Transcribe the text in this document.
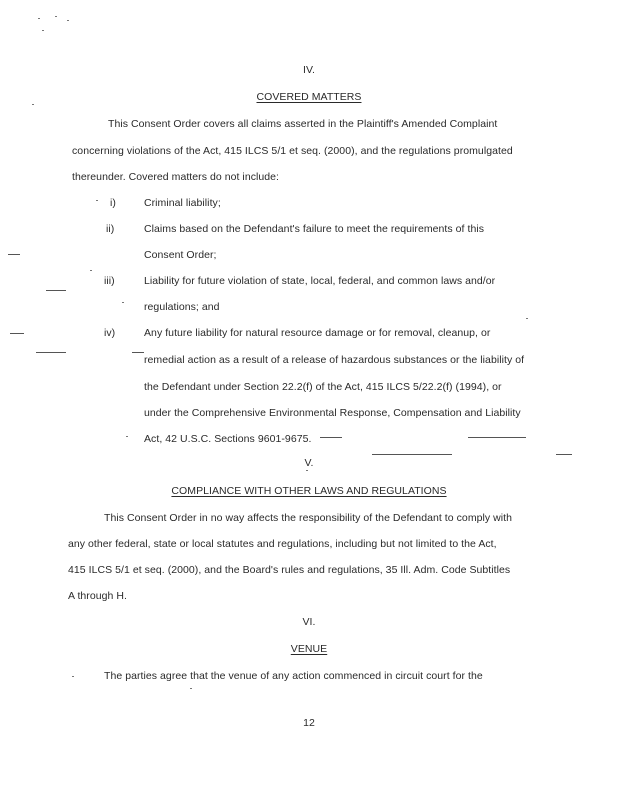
IV.
COVERED MATTERS
This Consent Order covers all claims asserted in the Plaintiff's Amended Complaint
concerning violations of the Act, 415 ILCS 5/1 et seq. (2000), and the regulations promulgated
thereunder. Covered matters do not include:
i)	Criminal liability;
ii)	Claims based on the Defendant's failure to meet the requirements of this
Consent Order;
iii)	Liability for future violation of state, local, federal, and common laws and/or
regulations; and
iv)	Any future liability for natural resource damage or for removal, cleanup, or
remedial action as a result of a release of hazardous substances or the liability of
the Defendant under Section 22.2(f) of the Act, 415 ILCS 5/22.2(f) (1994), or
under the Comprehensive Environmental Response, Compensation and Liability
Act, 42 U.S.C. Sections 9601-9675.
V.
COMPLIANCE WITH OTHER LAWS AND REGULATIONS
This Consent Order in no way affects the responsibility of the Defendant to comply with
any other federal, state or local statutes and regulations, including but not limited to the Act,
415 ILCS 5/1 et seq. (2000), and the Board's rules and regulations, 35 Ill. Adm. Code Subtitles
A through H.
VI.
VENUE
The parties agree that the venue of any action commenced in circuit court for the
12
